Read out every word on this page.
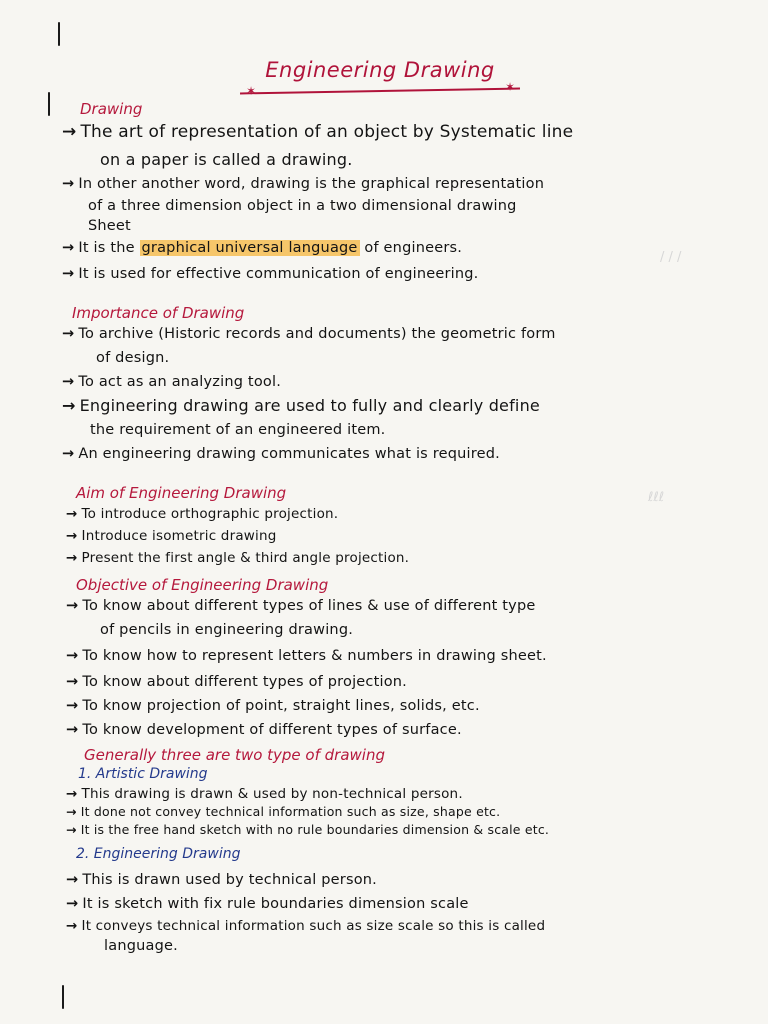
Engineering Drawing
✶	✶
Drawing
→ The art of representation of an object by Systematic line
on a paper is called a drawing.
→ In other another word, drawing is the graphical representation
of a three dimension object in a two dimensional drawing
Sheet
→ It is the graphical universal language of engineers.
→ It is used for effective communication of engineering.
Importance of Drawing
→ To archive (Historic records and documents) the geometric form
of design.
→ To act as an analyzing tool.
→ Engineering drawing are used to fully and clearly define
the requirement of an engineered item.
→ An engineering drawing communicates what is required.
Aim of Engineering Drawing
→ To introduce orthographic projection.
→ Introduce isometric drawing
→ Present the first angle & third angle projection.
Objective of Engineering Drawing
→ To know about different types of lines & use of different type
of pencils in engineering drawing.
→ To know how to represent letters & numbers in drawing sheet.
→ To know about different types of projection.
→ To know projection of point, straight lines, solids, etc.
→ To know development of different types of surface.
Generally three are two type of drawing
1. Artistic Drawing
→ This drawing is drawn & used by non-technical person.
→ It done not convey technical information such as size, shape etc.
→ It is the free hand sketch with no rule boundaries dimension & scale etc.
2. Engineering Drawing
→ This is drawn used by technical person.
→ It is sketch with fix rule boundaries dimension scale
→ It conveys technical information such as size scale so this is called
language.
/ / /
ℓℓℓ
